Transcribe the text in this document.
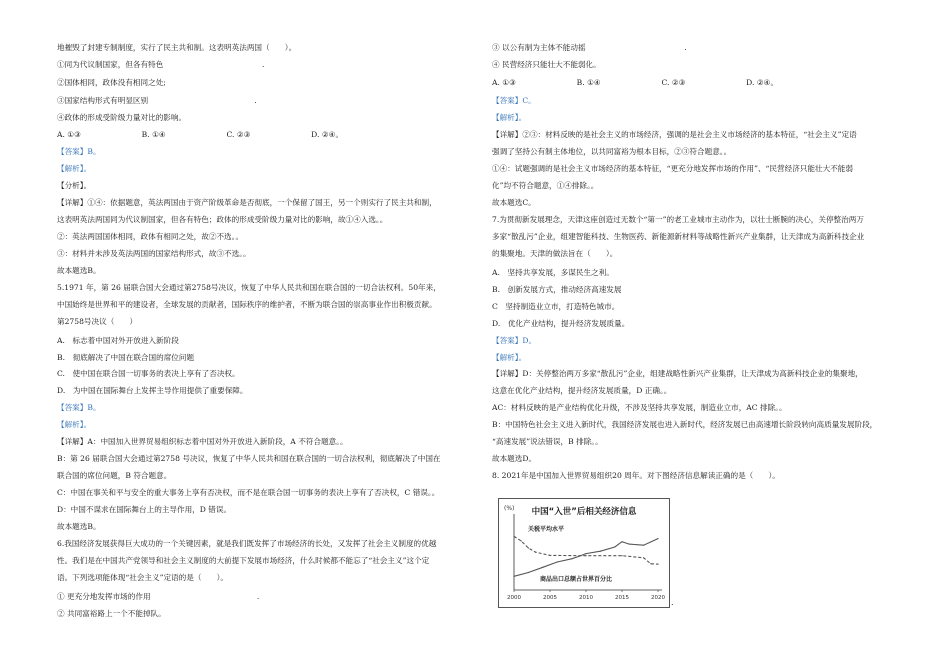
地摧毁了封建专制制度，实行了民主共和制。这表明英法两国（　　）。
①同为代议制国家，但各有特色　　　　　　　　　　　　　.
②国体相同，政体没有相同之处;
③国家结构形式有明显区别　　　　　　　　　　　　　　.
④政体的形成受阶级力量对比的影响。
A. ①③　　　　　　　　B. ①④　　　　　　　　C. ②③　　　　　　　　D. ②④。
【答案】B。
【解析】。
【分析】。
【详解】①④：依据题意，英法两国由于资产阶级革命是否彻底，一个保留了国王，另一个则实行了民主共和制，
这表明英法两国同为代议制国家，但各有特色；政体的形成受阶级力量对比的影响，故①④入选。。
②：英法两国国体相同，政体有相同之处，故②不选。。
③：材料并未涉及英法两国的国家结构形式，故③不选。。
故本题选B。
5.1971 年，第 26 届联合国大会通过第2758号决议，恢复了中华人民共和国在联合国的一切合法权利。50年来，
中国始终是世界和平的建设者，全球发展的贡献者，国际秩序的维护者，不断为联合国的崇高事业作出积极贡献。
第2758号决议（　　）
A.　标志着中国对外开放进入新阶段
B.　彻底解决了中国在联合国的席位问题
C.　使中国在联合国一切事务的表决上享有了否决权。
D.　为中国在国际舞台上发挥主导作用提供了重要保障。
【答案】B。
【解析】。
【详解】A：中国加入世界贸易组织标志着中国对外开放进入新阶段，A 不符合题意。。
B：第 26 届联合国大会通过第2758 号决议，恢复了中华人民共和国在联合国的一切合法权利，彻底解决了中国在
联合国的席位问题，B 符合题意。
C：中国在事关和平与安全的重大事务上享有否决权，而不是在联合国一切事务的表决上享有了否决权，C 错误。。
D：中国不谋求在国际舞台上的主导作用，D 错误。
故本题选B。
6.我国经济发展获得巨大成功的一个关键因素，就是我们既发挥了市场经济的长处，又发挥了社会主义制度的优越
性。我们是在中国共产党领导和社会主义制度的大前提下发展市场经济，什么时候都不能忘了“社会主义”这个定
语。下列选项能体现“社会主义”定语的是（　　）。
① 更充分地发挥市场的作用　　　　　　　　　　　　　　.
② 共同富裕路上一个不能掉队。
③ 以公有制为主体不能动摇　　　　　　　　　　　　　.
④ 民营经济只能壮大不能弱化。
A. ①③　　　　　　　　B. ①④　　　　　　　　C. ②③　　　　　　　　D. ②④。
【答案】C。
【解析】。
【详解】②③：材料反映的是社会主义的市场经济，强调的是社会主义市场经济的基本特征，“社会主义”定语
强调了坚持公有制主体地位，以共同富裕为根本目标，②③符合题意。。
①④：试题强调的是社会主义市场经济的基本特征，“更充分地发挥市场的作用”、“民营经济只能壮大不能弱
化”均不符合题意，①④排除。。
故本题选C。
7.为贯彻新发展理念，天津这座创造过无数个“第一”的老工业城市主动作为，以壮士断腕的决心，关停整治两万
多家“散乱污”企业，组建智能科技、生物医药、新能源新材料等战略性新兴产业集群，让天津成为高新科技企业
的集聚地。天津的做法旨在（　　）。
A.　坚持共享发展，多谋民生之利。
B.　创新发展方式，推动经济高速发展
C　坚持制造业立市，打造特色城市。
D.　优化产业结构，提升经济发展质量。
【答案】D。
【解析】。
【详解】D：关停整治两万多家“散乱污”企业，组建战略性新兴产业集群，让天津成为高新科技企业的集聚地，
这意在优化产业结构，提升经济发展质量，D 正确。。
AC：材料反映的是产业结构优化升级，不涉及坚持共享发展，制造业立市，AC 排除。。
B：中国特色社会主义进入新时代，我国经济发展也进入新时代，经济发展已由高速增长阶段转向高质量发展阶段，
“高速发展”说法错误，B 排除。。
故本题选D。
8. 2021年是中国加入世界贸易组织20 周年。对下图经济信息解读正确的是（　　）。
(%) 中国“入世”后相关经济信息
2000	2005	2010	2015	2020
关税平均水平
商品出口总额占世界百分比
.
